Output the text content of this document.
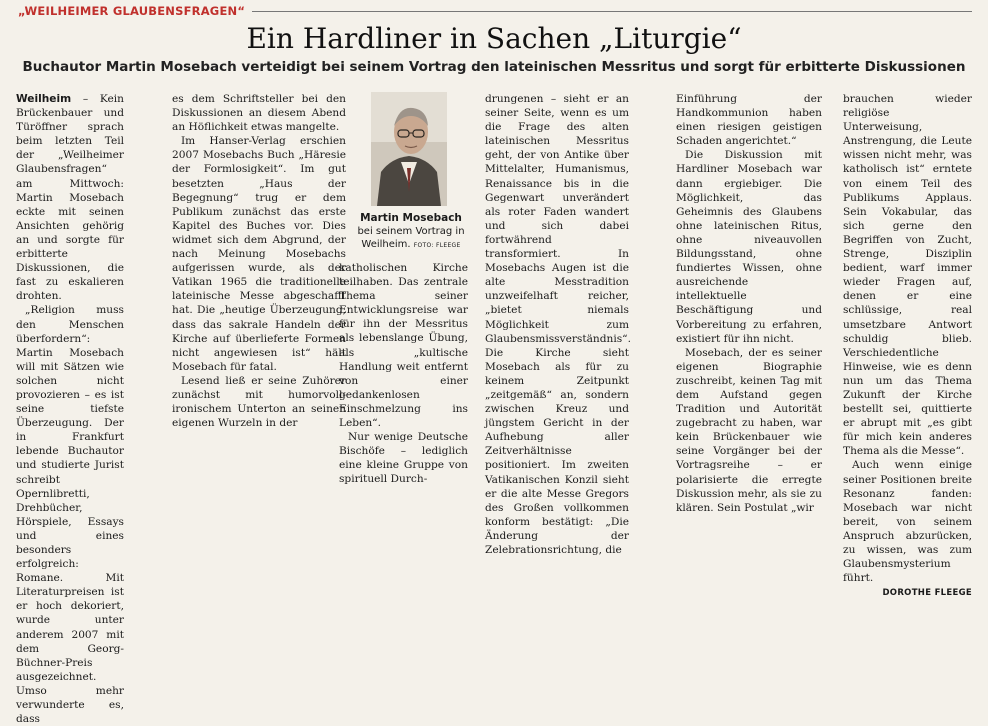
„WEILHEIMER GLAUBENSFRAGEN“
Ein Hardliner in Sachen „Liturgie“
Buchautor Martin Mosebach verteidigt bei seinem Vortrag den lateinischen Messritus und sorgt für erbitterte Diskussionen

Weilheim – Kein Brückenbauer und Türöffner sprach beim letzten Teil der „Weilheimer Glaubensfragen“ am Mittwoch: Martin Mosebach eckte mit seinen Ansichten gehörig an und sorgte für erbitterte Diskussionen, die fast zu eskalieren drohten.

„Religion muss den Menschen überfordern“: Martin Mosebach will mit Sätzen wie solchen nicht provozieren – es ist seine tiefste Überzeugung. Der in Frankfurt lebende Buchautor und studierte Jurist schreibt Opernlibretti, Drehbücher, Hörspiele, Essays und eines besonders erfolgreich: Romane. Mit Literaturpreisen ist er hoch dekoriert, wurde unter anderem 2007 mit dem Georg-Büchner-Preis ausgezeichnet. Umso mehr verwunderte es, dass

es dem Schriftsteller bei den Diskussionen an diesem Abend an Höflichkeit etwas mangelte.

Im Hanser-Verlag erschien 2007 Mosebachs Buch „Häresie der Formlosigkeit“. Im gut besetzten „Haus der Begegnung“ trug er dem Publikum zunächst das erste Kapitel des Buches vor. Dies widmet sich dem Abgrund, der nach Meinung Mosebachs aufgerissen wurde, als der Vatikan 1965 die traditionelle lateinische Messe abgeschafft hat. Die „heutige Überzeugung, dass das sakrale Handeln der Kirche auf überlieferte Formen nicht angewiesen ist“ hält Mosebach für fatal.

Lesend ließ er seine Zuhörer zunächst mit humorvoll-ironischem Unterton an seinen eigenen Wurzeln in der

Martin Mosebach
bei seinem Vortrag in Weilheim. FOTO: FLEEGE

katholischen Kirche teilhaben. Das zentrale Thema seiner Entwicklungsreise war für ihn der Messritus als lebenslange Übung, als „kultische Handlung weit entfernt von einer gedankenlosen Einschmelzung ins Leben“.

Nur wenige Deutsche Bischöfe – lediglich eine kleine Gruppe von spirituell Durch-

drungenen – sieht er an seiner Seite, wenn es um die Frage des alten lateinischen Messritus geht, der von Antike über Mittelalter, Humanismus, Renaissance bis in die Gegenwart unverändert als roter Faden wandert und sich dabei fortwährend transformiert. In Mosebachs Augen ist die alte Messtradition unzweifelhaft reicher, „bietet niemals Möglichkeit zum Glaubensmissverständnis“. Die Kirche sieht Mosebach als für zu keinem Zeitpunkt „zeitgemäß“ an, sondern zwischen Kreuz und jüngstem Gericht in der Aufhebung aller Zeitverhältnisse positioniert. Im zweiten Vatikanischen Konzil sieht er die alte Messe Gregors des Großen vollkommen konform bestätigt: „Die Änderung der Zelebrationsrichtung, die

Einführung der Handkommunion haben einen riesigen geistigen Schaden angerichtet.“

Die Diskussion mit Hardliner Mosebach war dann ergiebiger. Die Möglichkeit, das Geheimnis des Glaubens ohne lateinischen Ritus, ohne niveauvollen Bildungsstand, ohne fundiertes Wissen, ohne ausreichende intellektuelle Beschäftigung und Vorbereitung zu erfahren, existiert für ihn nicht.

Mosebach, der es seiner eigenen Biographie zuschreibt, keinen Tag mit dem Aufstand gegen Tradition und Autorität zugebracht zu haben, war kein Brückenbauer wie seine Vorgänger bei der Vortragsreihe – er polarisierte die erregte Diskussion mehr, als sie zu klären. Sein Postulat „wir

brauchen wieder religiöse Unterweisung, Anstrengung, die Leute wissen nicht mehr, was katholisch ist“ erntete von einem Teil des Publikums Applaus. Sein Vokabular, das sich gerne den Begriffen von Zucht, Strenge, Disziplin bedient, warf immer wieder Fragen auf, denen er eine schlüssige, real umsetzbare Antwort schuldig blieb. Verschiedentliche Hinweise, wie es denn nun um das Thema Zukunft der Kirche bestellt sei, quittierte er abrupt mit „es gibt für mich kein anderes Thema als die Messe“.

Auch wenn einige seiner Positionen breite Resonanz fanden: Mosebach war nicht bereit, von seinem Anspruch abzurücken, zu wissen, was zum Glaubensmysterium führt.

DOROTHE FLEEGE
